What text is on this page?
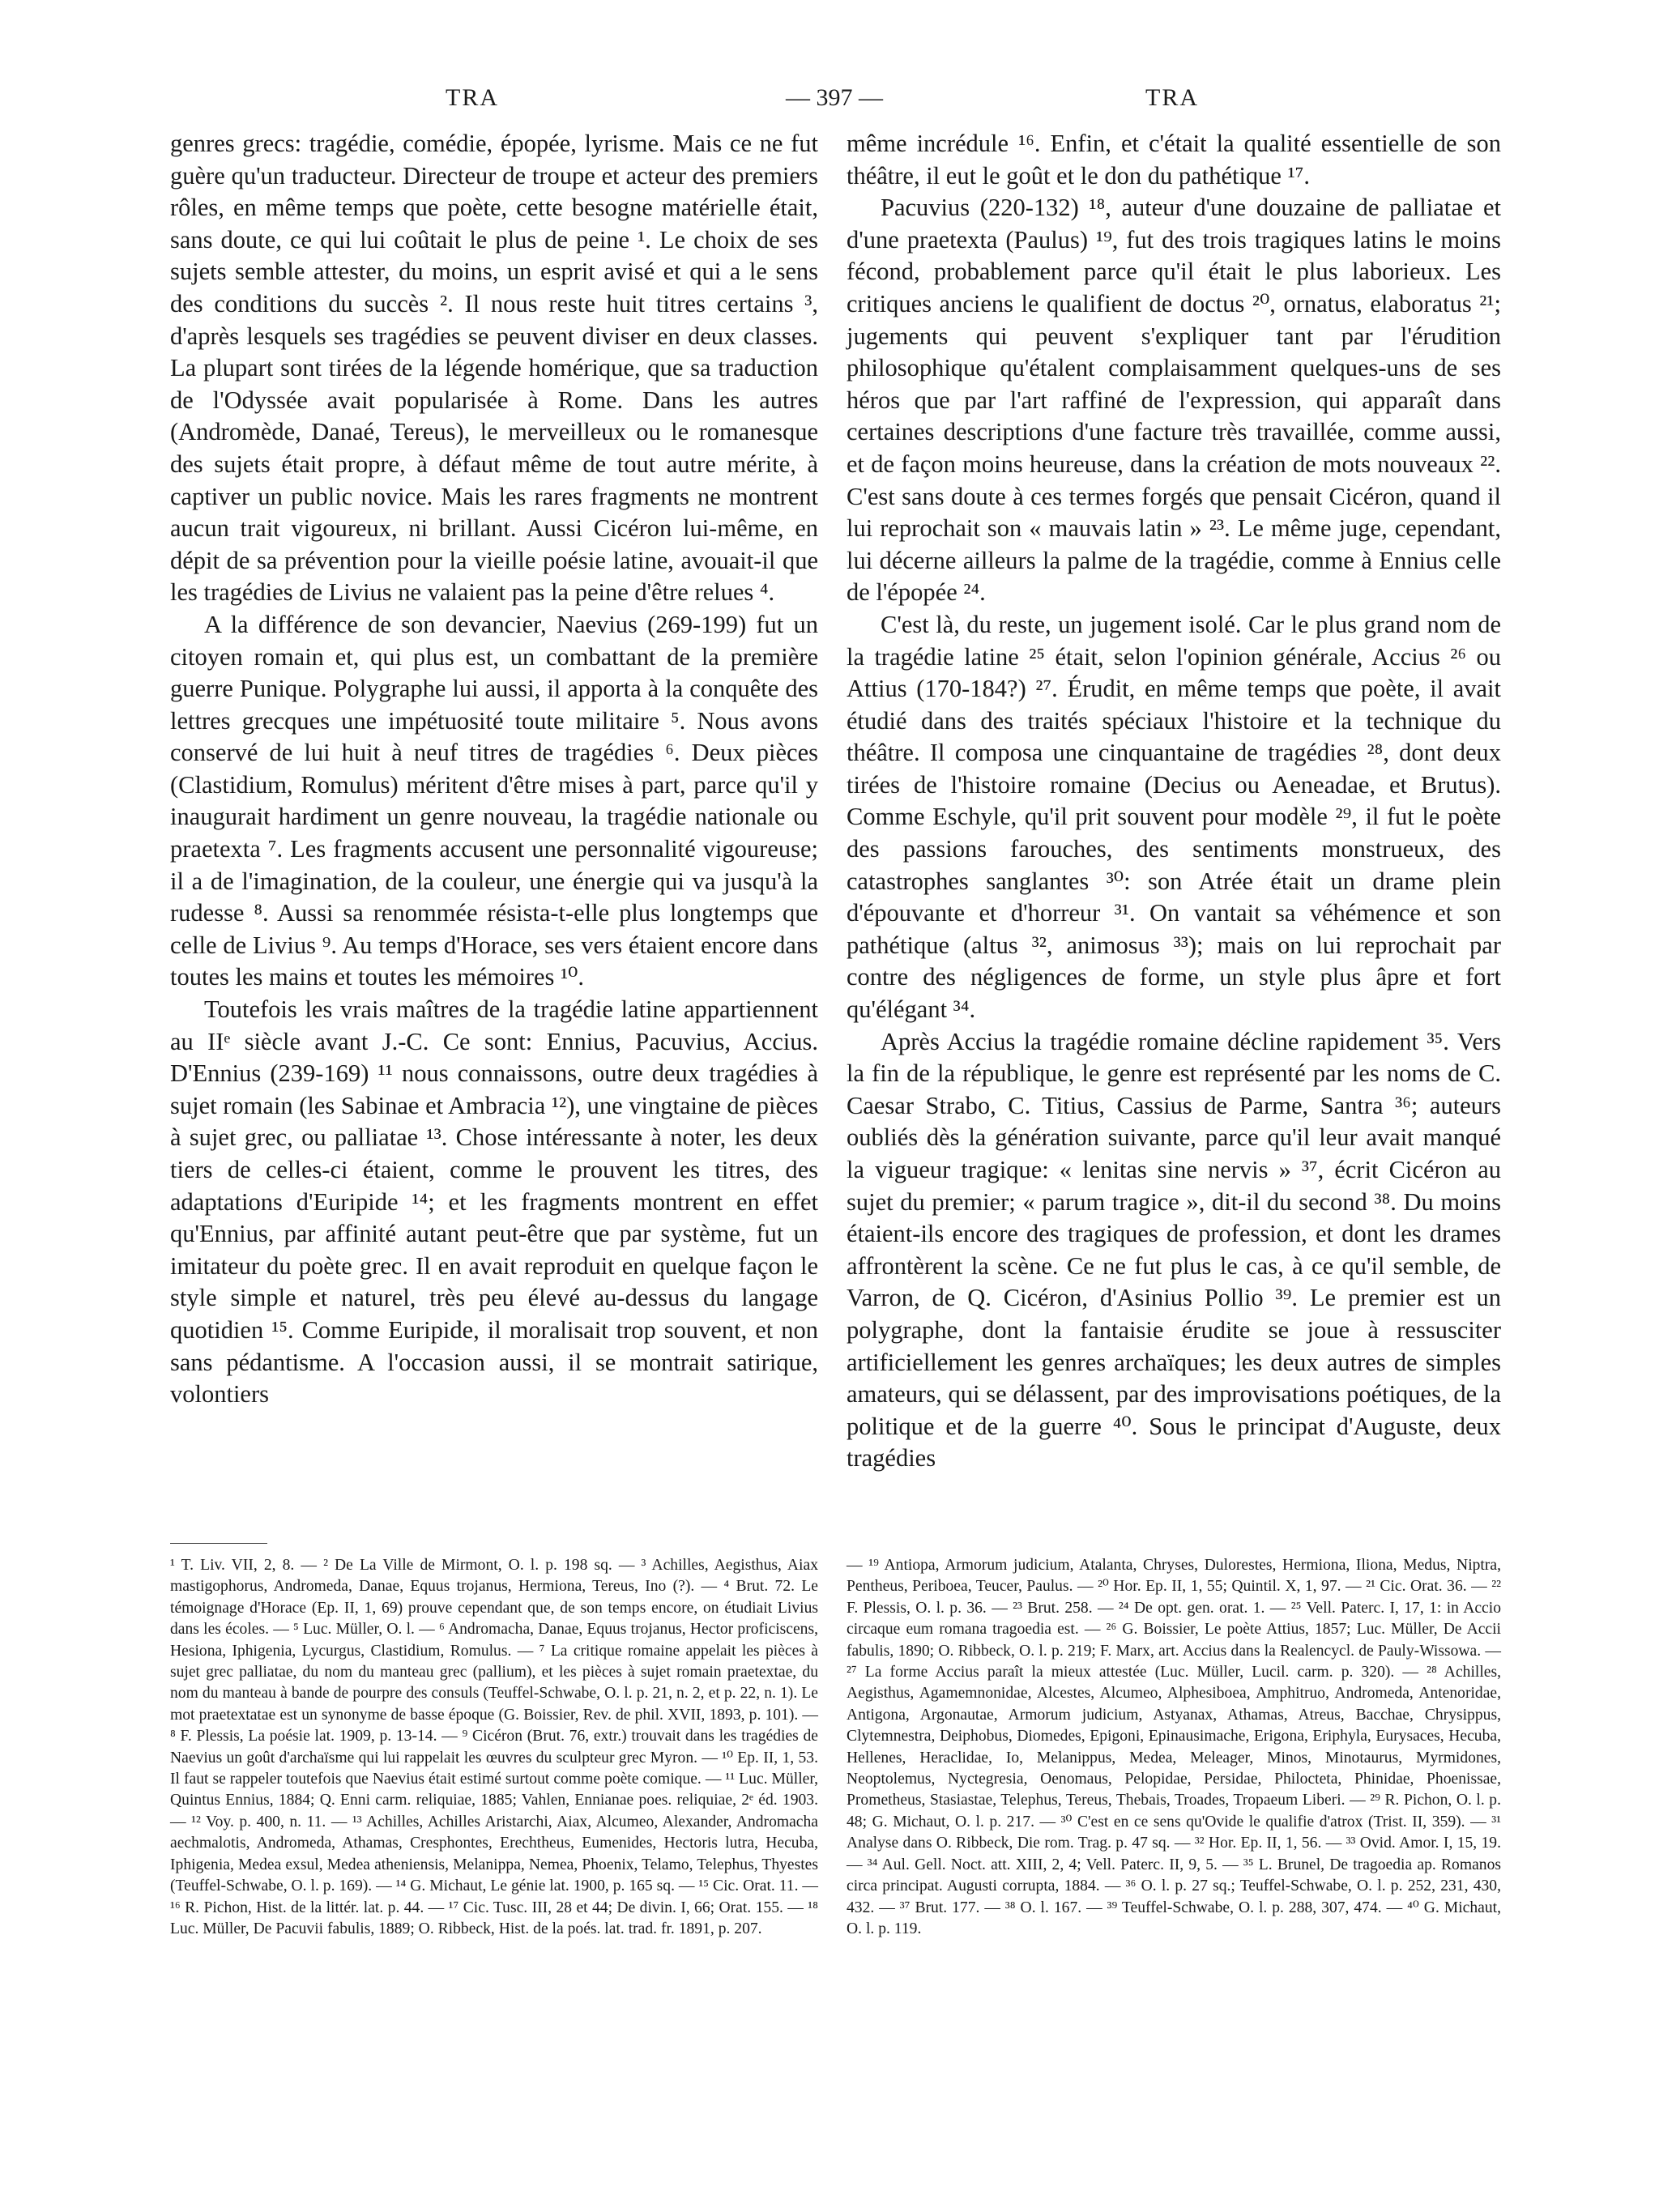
TRA	— 397 —	TRA

genres grecs: tragédie, comédie, épopée, lyrisme. Mais ce ne fut guère qu'un traducteur. Directeur de troupe et acteur des premiers rôles, en même temps que poète, cette besogne matérielle était, sans doute, ce qui lui coûtait le plus de peine ¹. Le choix de ses sujets semble attester, du moins, un esprit avisé et qui a le sens des conditions du succès ². Il nous reste huit titres certains ³, d'après lesquels ses tragédies se peuvent diviser en deux classes. La plupart sont tirées de la légende homérique, que sa traduction de l'Odyssée avait popularisée à Rome. Dans les autres (Andromède, Danaé, Tereus), le merveilleux ou le romanesque des sujets était propre, à défaut même de tout autre mérite, à captiver un public novice. Mais les rares fragments ne montrent aucun trait vigoureux, ni brillant. Aussi Cicéron lui-même, en dépit de sa prévention pour la vieille poésie latine, avouait-il que les tragédies de Livius ne valaient pas la peine d'être relues ⁴.

A la différence de son devancier, Naevius (269-199) fut un citoyen romain et, qui plus est, un combattant de la première guerre Punique. Polygraphe lui aussi, il apporta à la conquête des lettres grecques une impétuosité toute militaire ⁵. Nous avons conservé de lui huit à neuf titres de tragédies ⁶. Deux pièces (Clastidium, Romulus) méritent d'être mises à part, parce qu'il y inaugurait hardiment un genre nouveau, la tragédie nationale ou praetexta ⁷. Les fragments accusent une personnalité vigoureuse; il a de l'imagination, de la couleur, une énergie qui va jusqu'à la rudesse ⁸. Aussi sa renommée résista-t-elle plus longtemps que celle de Livius ⁹. Au temps d'Horace, ses vers étaient encore dans toutes les mains et toutes les mémoires ¹⁰.

Toutefois les vrais maîtres de la tragédie latine appartiennent au IIᵉ siècle avant J.-C. Ce sont: Ennius, Pacuvius, Accius. D'Ennius (239-169) ¹¹ nous connaissons, outre deux tragédies à sujet romain (les Sabinae et Ambracia ¹²), une vingtaine de pièces à sujet grec, ou palliatae ¹³. Chose intéressante à noter, les deux tiers de celles-ci étaient, comme le prouvent les titres, des adaptations d'Euripide ¹⁴; et les fragments montrent en effet qu'Ennius, par affinité autant peut-être que par système, fut un imitateur du poète grec. Il en avait reproduit en quelque façon le style simple et naturel, très peu élevé au-dessus du langage quotidien ¹⁵. Comme Euripide, il moralisait trop souvent, et non sans pédantisme. A l'occasion aussi, il se montrait satirique, volontiers

même incrédule ¹⁶. Enfin, et c'était la qualité essentielle de son théâtre, il eut le goût et le don du pathétique ¹⁷.

Pacuvius (220-132) ¹⁸, auteur d'une douzaine de palliatae et d'une praetexta (Paulus) ¹⁹, fut des trois tragiques latins le moins fécond, probablement parce qu'il était le plus laborieux. Les critiques anciens le qualifient de doctus ²⁰, ornatus, elaboratus ²¹; jugements qui peuvent s'expliquer tant par l'érudition philosophique qu'étalent complaisamment quelques-uns de ses héros que par l'art raffiné de l'expression, qui apparaît dans certaines descriptions d'une facture très travaillée, comme aussi, et de façon moins heureuse, dans la création de mots nouveaux ²². C'est sans doute à ces termes forgés que pensait Cicéron, quand il lui reprochait son « mauvais latin » ²³. Le même juge, cependant, lui décerne ailleurs la palme de la tragédie, comme à Ennius celle de l'épopée ²⁴.

C'est là, du reste, un jugement isolé. Car le plus grand nom de la tragédie latine ²⁵ était, selon l'opinion générale, Accius ²⁶ ou Attius (170-184?) ²⁷. Érudit, en même temps que poète, il avait étudié dans des traités spéciaux l'histoire et la technique du théâtre. Il composa une cinquantaine de tragédies ²⁸, dont deux tirées de l'histoire romaine (Decius ou Aeneadae, et Brutus). Comme Eschyle, qu'il prit souvent pour modèle ²⁹, il fut le poète des passions farouches, des sentiments monstrueux, des catastrophes sanglantes ³⁰: son Atrée était un drame plein d'épouvante et d'horreur ³¹. On vantait sa véhémence et son pathétique (altus ³², animosus ³³); mais on lui reprochait par contre des négligences de forme, un style plus âpre et fort qu'élégant ³⁴.

Après Accius la tragédie romaine décline rapidement ³⁵. Vers la fin de la république, le genre est représenté par les noms de C. Caesar Strabo, C. Titius, Cassius de Parme, Santra ³⁶; auteurs oubliés dès la génération suivante, parce qu'il leur avait manqué la vigueur tragique: « lenitas sine nervis » ³⁷, écrit Cicéron au sujet du premier; « parum tragice », dit-il du second ³⁸. Du moins étaient-ils encore des tragiques de profession, et dont les drames affrontèrent la scène. Ce ne fut plus le cas, à ce qu'il semble, de Varron, de Q. Cicéron, d'Asinius Pollio ³⁹. Le premier est un polygraphe, dont la fantaisie érudite se joue à ressusciter artificiellement les genres archaïques; les deux autres de simples amateurs, qui se délassent, par des improvisations poétiques, de la politique et de la guerre ⁴⁰. Sous le principat d'Auguste, deux tragédies

¹ T. Liv. VII, 2, 8. — ² De La Ville de Mirmont, O. l. p. 198 sq. — ³ Achilles, Aegisthus, Aiax mastigophorus, Andromeda, Danae, Equus trojanus, Hermiona, Tereus, Ino (?). — ⁴ Brut. 72. Le témoignage d'Horace (Ep. II, 1, 69) prouve cependant que, de son temps encore, on étudiait Livius dans les écoles. — ⁵ Luc. Müller, O. l. — ⁶ Andromacha, Danae, Equus trojanus, Hector proficiscens, Hesiona, Iphigenia, Lycurgus, Clastidium, Romulus. — ⁷ La critique romaine appelait les pièces à sujet grec palliatae, du nom du manteau grec (pallium), et les pièces à sujet romain praetextae, du nom du manteau à bande de pourpre des consuls (Teuffel-Schwabe, O. l. p. 21, n. 2, et p. 22, n. 1). Le mot praetextatae est un synonyme de basse époque (G. Boissier, Rev. de phil. XVII, 1893, p. 101). — ⁸ F. Plessis, La poésie lat. 1909, p. 13-14. — ⁹ Cicéron (Brut. 76, extr.) trouvait dans les tragédies de Naevius un goût d'archaïsme qui lui rappelait les œuvres du sculpteur grec Myron. — ¹⁰ Ep. II, 1, 53. Il faut se rappeler toutefois que Naevius était estimé surtout comme poète comique. — ¹¹ Luc. Müller, Quintus Ennius, 1884; Q. Enni carm. reliquiae, 1885; Vahlen, Ennianae poes. reliquiae, 2ᵉ éd. 1903. — ¹² Voy. p. 400, n. 11. — ¹³ Achilles, Achilles Aristarchi, Aiax, Alcumeo, Alexander, Andromacha aechmalotis, Andromeda, Athamas, Cresphontes, Erechtheus, Eumenides, Hectoris lutra, Hecuba, Iphigenia, Medea exsul, Medea atheniensis, Melanippa, Nemea, Phoenix, Telamo, Telephus, Thyestes (Teuffel-Schwabe, O. l. p. 169). — ¹⁴ G. Michaut, Le génie lat. 1900, p. 165 sq. — ¹⁵ Cic. Orat. 11. — ¹⁶ R. Pichon, Hist. de la littér. lat. p. 44. — ¹⁷ Cic. Tusc. III, 28 et 44; De divin. I, 66; Orat. 155. — ¹⁸ Luc. Müller, De Pacuvii fabulis, 1889; O. Ribbeck, Hist. de la poés. lat. trad. fr. 1891, p. 207.
— ¹⁹ Antiopa, Armorum judicium, Atalanta, Chryses, Dulorestes, Hermiona, Iliona, Medus, Niptra, Pentheus, Periboea, Teucer, Paulus. — ²⁰ Hor. Ep. II, 1, 55; Quintil. X, 1, 97. — ²¹ Cic. Orat. 36. — ²² F. Plessis, O. l. p. 36. — ²³ Brut. 258. — ²⁴ De opt. gen. orat. 1. — ²⁵ Vell. Paterc. I, 17, 1: in Accio circaque eum romana tragoedia est. — ²⁶ G. Boissier, Le poète Attius, 1857; Luc. Müller, De Accii fabulis, 1890; O. Ribbeck, O. l. p. 219; F. Marx, art. Accius dans la Realencycl. de Pauly-Wissowa. — ²⁷ La forme Accius paraît la mieux attestée (Luc. Müller, Lucil. carm. p. 320). — ²⁸ Achilles, Aegisthus, Agamemnonidae, Alcestes, Alcumeo, Alphesiboea, Amphitruo, Andromeda, Antenoridae, Antigona, Argonautae, Armorum judicium, Astyanax, Athamas, Atreus, Bacchae, Chrysippus, Clytemnestra, Deiphobus, Diomedes, Epigoni, Epinausimache, Erigona, Eriphyla, Eurysaces, Hecuba, Hellenes, Heraclidae, Io, Melanippus, Medea, Meleager, Minos, Minotaurus, Myrmidones, Neoptolemus, Nyctegresia, Oenomaus, Pelopidae, Persidae, Philocteta, Phinidae, Phoenissae, Prometheus, Stasiastae, Telephus, Tereus, Thebais, Troades, Tropaeum Liberi. — ²⁹ R. Pichon, O. l. p. 48; G. Michaut, O. l. p. 217. — ³⁰ C'est en ce sens qu'Ovide le qualifie d'atrox (Trist. II, 359). — ³¹ Analyse dans O. Ribbeck, Die rom. Trag. p. 47 sq. — ³² Hor. Ep. II, 1, 56. — ³³ Ovid. Amor. I, 15, 19. — ³⁴ Aul. Gell. Noct. att. XIII, 2, 4; Vell. Paterc. II, 9, 5. — ³⁵ L. Brunel, De tragoedia ap. Romanos circa principat. Augusti corrupta, 1884. — ³⁶ O. l. p. 27 sq.; Teuffel-Schwabe, O. l. p. 252, 231, 430, 432. — ³⁷ Brut. 177. — ³⁸ O. l. 167. — ³⁹ Teuffel-Schwabe, O. l. p. 288, 307, 474. — ⁴⁰ G. Michaut, O. l. p. 119.
